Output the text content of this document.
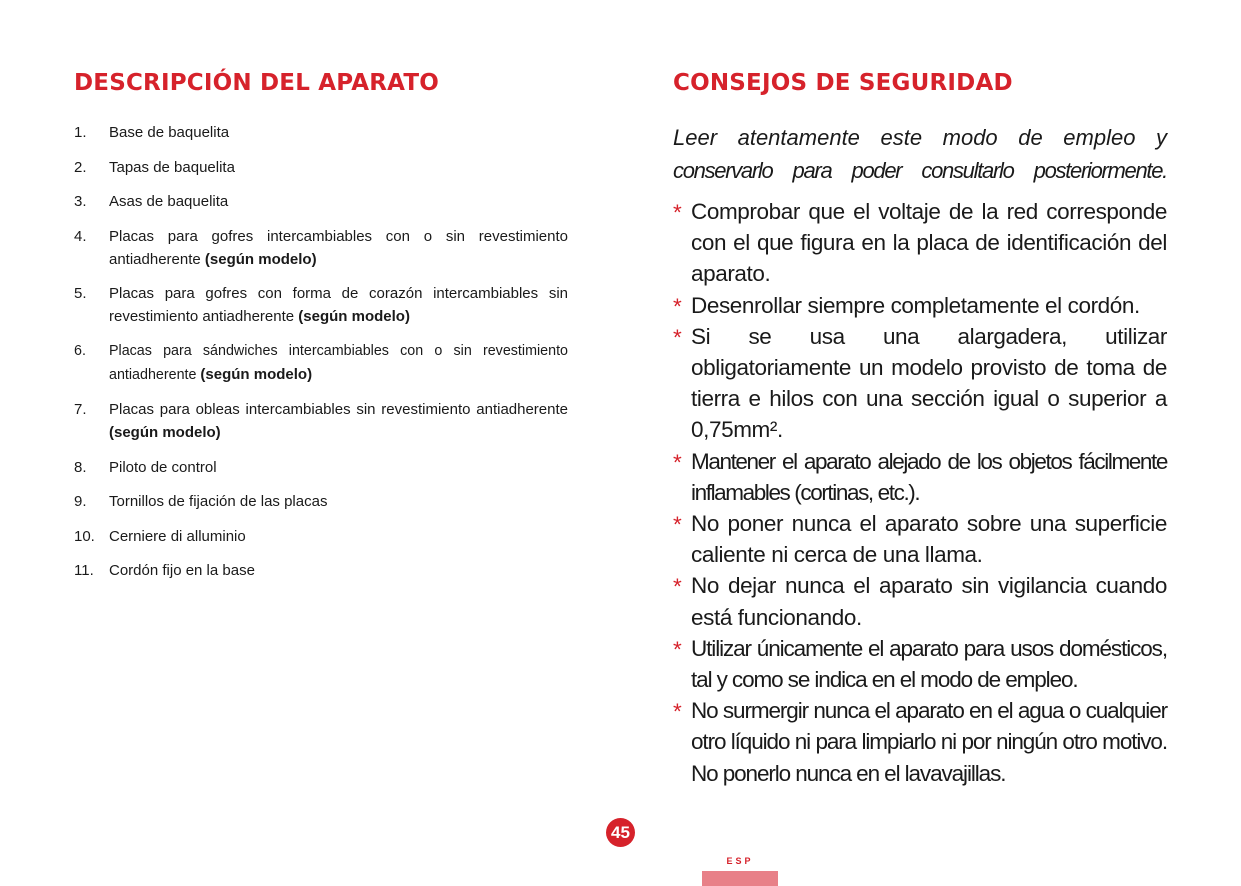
DESCRIPCIÓN DEL APARATO
1. Base de baquelita
2. Tapas de baquelita
3. Asas de baquelita
4. Placas para gofres intercambiables con o sin revestimiento antiadherente (según modelo)
5. Placas para gofres con forma de corazón intercambiables sin revestimiento antiadherente (según modelo)
6. Placas para sándwiches intercambiables con o sin revestimiento antiadherente (según modelo)
7. Placas para obleas intercambiables sin revestimiento antiadherente (según modelo)
8. Piloto de control
9. Tornillos de fijación de las placas
10. Cerniere di alluminio
11. Cordón fijo en la base
CONSEJOS DE SEGURIDAD
Leer atentamente este modo de empleo y
conservarlo para poder consultarlo posteriormente.
* Comprobar que el voltaje de la red corresponde con el que figura en la placa de identificación del aparato.
* Desenrollar siempre completamente el cordón.
* Si se usa una alargadera, utilizar obligatoriamente un modelo provisto de toma de tierra e hilos con una sección igual o superior a 0,75mm².
* Mantener el aparato alejado de los objetos fácilmente inflamables (cortinas, etc.).
* No poner nunca el aparato sobre una superficie caliente ni cerca de una llama.
* No dejar nunca el aparato sin vigilancia cuando está funcionando.
* Utilizar únicamente el aparato para usos domésticos, tal y como se indica en el modo de empleo.
* No surmergir nunca el aparato en el agua o cualquier otro líquido ni para limpiarlo ni por ningún otro motivo. No ponerlo nunca en el lavavajillas.
45
ESP
